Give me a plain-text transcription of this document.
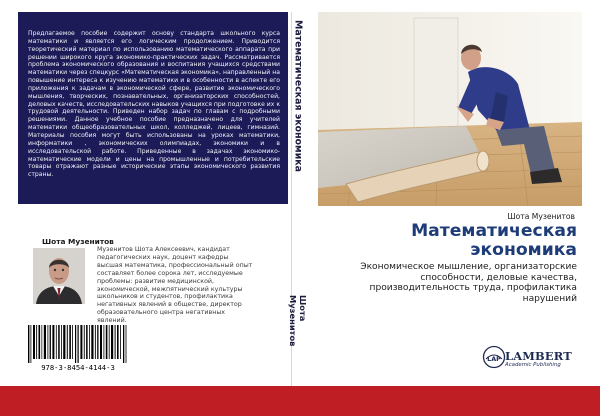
Предлагаемое пособие содержит основу стандарта школьного курса математики и является его логическим продолжением. Приводится теоретический материал по использованию математического аппарата при решении широкого круга экономико-практических задач. Рассматривается проблема экономического образования и воспитания учащихся средствами математики через спецкурс «Математическая экономика», направленный на повышение интереса к изучению математики и в особенности в аспекте его приложения к задачам в экономической сфере, развитие экономического мышления, творческих, познавательных, организаторских способностей, деловых качеств, исследовательских навыков учащихся при подготовке их к трудовой деятельности. Приведен набор задач по главам с подробными решениями. Данное учебное пособие предназначено для учителей математики общеобразовательных школ, колледжей, лицеев, гимназий. Материалы пособия могут быть использованы на уроках математики, информатики , экономических олимпиадах, экономики и в исследовательской работе. Приведенные в задачах экономико-математические модели и цены на промышленные и потребительские товары отражают разные исторические этапы экономического развития страны.
Шота Музенитов
Музенитов Шота Алексеевич, кандидат
педагогических наук, доцент кафедры
высшая математика, профессиональный опыт
составляет более сорока лет, исследуемые
проблемы: развитие медицинской,
экономической, межпятнический культуры
школьников и студентов, профилактика
негативных явлений в обществе, директор
образовательного центра негативных
явлений.
978-3-8454-4144-3
Математическая экономика
Шота Музенитов
Шота Музенитов
Математическая
экономика
Экономическое мышление, организаторские
способности, деловые качества,
производительность труда, профилактика
нарушений
LAP LAMBERT
Academic Publishing
